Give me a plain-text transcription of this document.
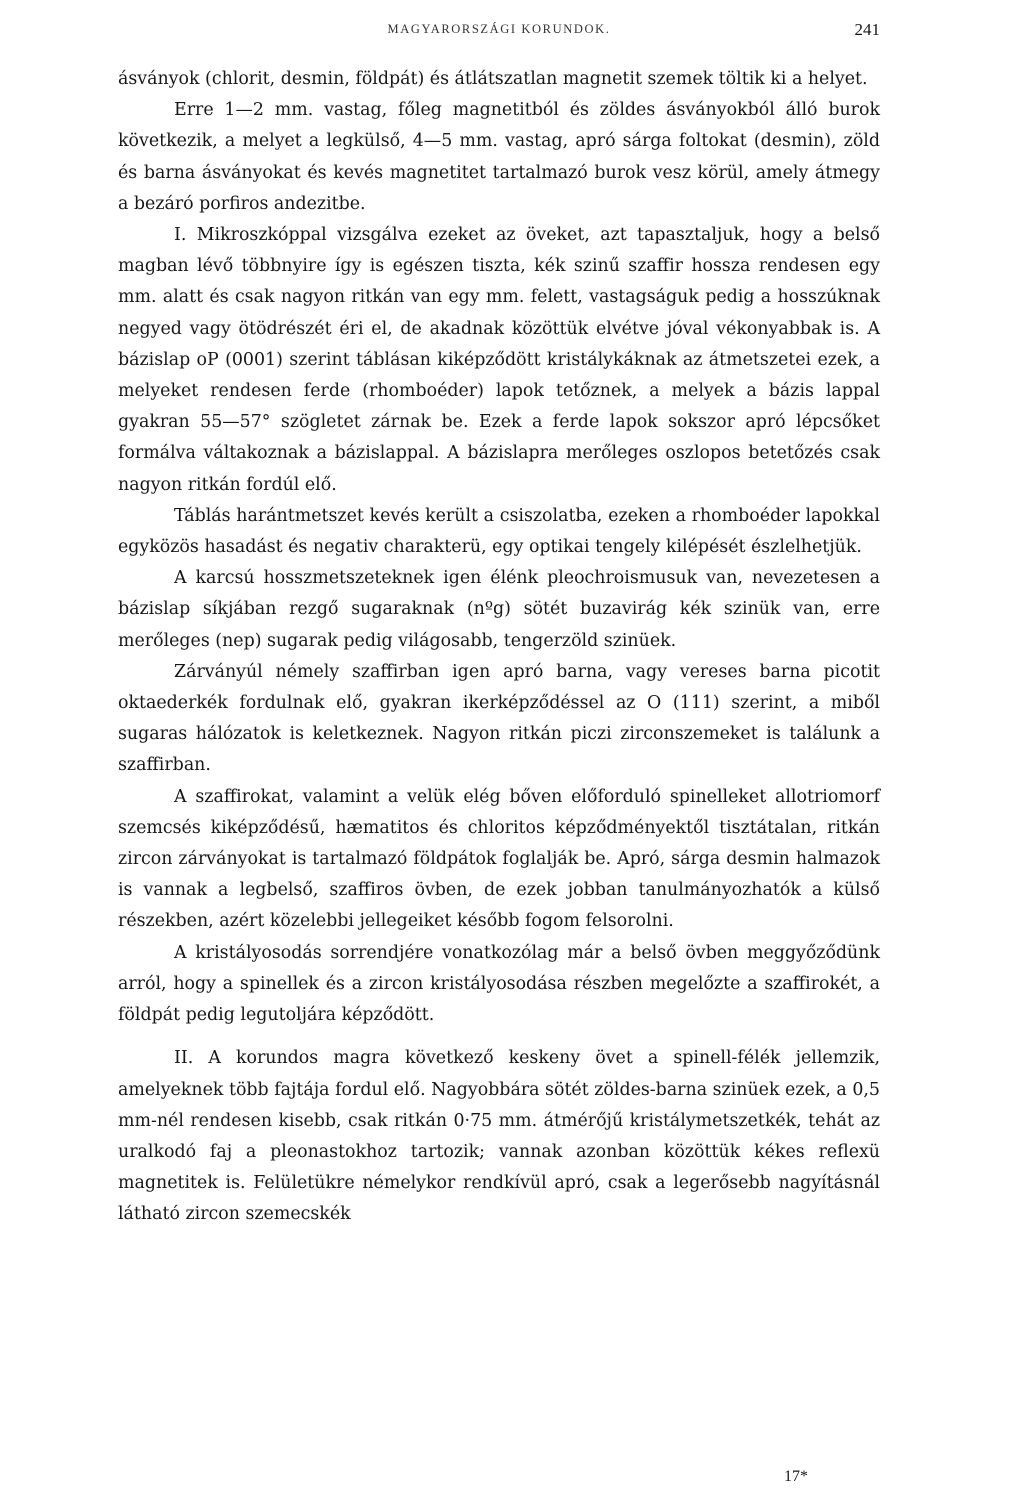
MAGYARORSZÁGI KORUNDOK.	241

ásványok (chlorit, desmin, földpát) és átlátszatlan magnetit szemek töltik ki a helyet.

Erre 1—2 mm. vastag, főleg magnetitból és zöldes ásványokból álló burok következik, a melyet a legkülső, 4—5 mm. vastag, apró sárga foltokat (desmin), zöld és barna ásványokat és kevés magnetitet tartalmazó burok vesz körül, amely átmegy a bezáró porfiros andezitbe.

I. Mikroszkóppal vizsgálva ezeket az öveket, azt tapasztaljuk, hogy a belső magban lévő többnyire így is egészen tiszta, kék szinű szaffir hossza rendesen egy mm. alatt és csak nagyon ritkán van egy mm. felett, vastagságuk pedig a hosszúknak negyed vagy ötödrészét éri el, de akadnak közöttük elvétve jóval vékonyabbak is. A bázislap oP (0001) szerint táblásan kiképződött kristálykáknak az átmetszetei ezek, a melyeket rendesen ferde (rhomboéder) lapok tetőznek, a melyek a bázis lappal gyakran 55—57° szögletet zárnak be. Ezek a ferde lapok sokszor apró lépcsőket formálva váltakoznak a bázislappal. A bázislapra merőleges oszlopos betetőzés csak nagyon ritkán fordúl elő.

Táblás harántmetszet kevés került a csiszolatba, ezeken a rhomboéder lapokkal egyközös hasadást és negativ charakterü, egy optikai tengely kilépését észlelhetjük.

A karcsú hosszmetszeteknek igen élénk pleochroismusuk van, nevezetesen a bázislap síkjában rezgő sugaraknak (nºg) sötét buzavirág kék szinük van, erre merőleges (nep) sugarak pedig világosabb, tengerzöld szinüek.

Zárványúl némely szaffirban igen apró barna, vagy vereses barna picotit oktaederkék fordulnak elő, gyakran ikerképződéssel az O (111) szerint, a miből sugaras hálózatok is keletkeznek. Nagyon ritkán piczi zirconszemeket is találunk a szaffirban.

A szaffirokat, valamint a velük elég bőven előforduló spinelleket allotriomorf szemcsés kiképződésű, hæmatitos és chloritos képződményektől tisztátalan, ritkán zircon zárványokat is tartalmazó földpátok foglalják be. Apró, sárga desmin halmazok is vannak a legbelső, szaffiros övben, de ezek jobban tanulmányozhatók a külső részekben, azért közelebbi jellegeiket később fogom felsorolni.

A kristályosodás sorrendjére vonatkozólag már a belső övben meggyőződünk arról, hogy a spinellek és a zircon kristályosodása részben megelőzte a szaffirokét, a földpát pedig legutoljára képződött.

II. A korundos magra következő keskeny övet a spinell-félék jellemzik, amelyeknek több fajtája fordul elő. Nagyobbára sötét zöldes-barna szinüek ezek, a 0,5 mm-nél rendesen kisebb, csak ritkán 0·75 mm. átmérőjű kristálymetszetkék, tehát az uralkodó faj a pleonastokhoz tartozik; vannak azonban közöttük kékes reflexü magnetitek is. Felületükre némelykor rendkívül apró, csak a legerősebb nagyításnál látható zircon szemecskék

17*
